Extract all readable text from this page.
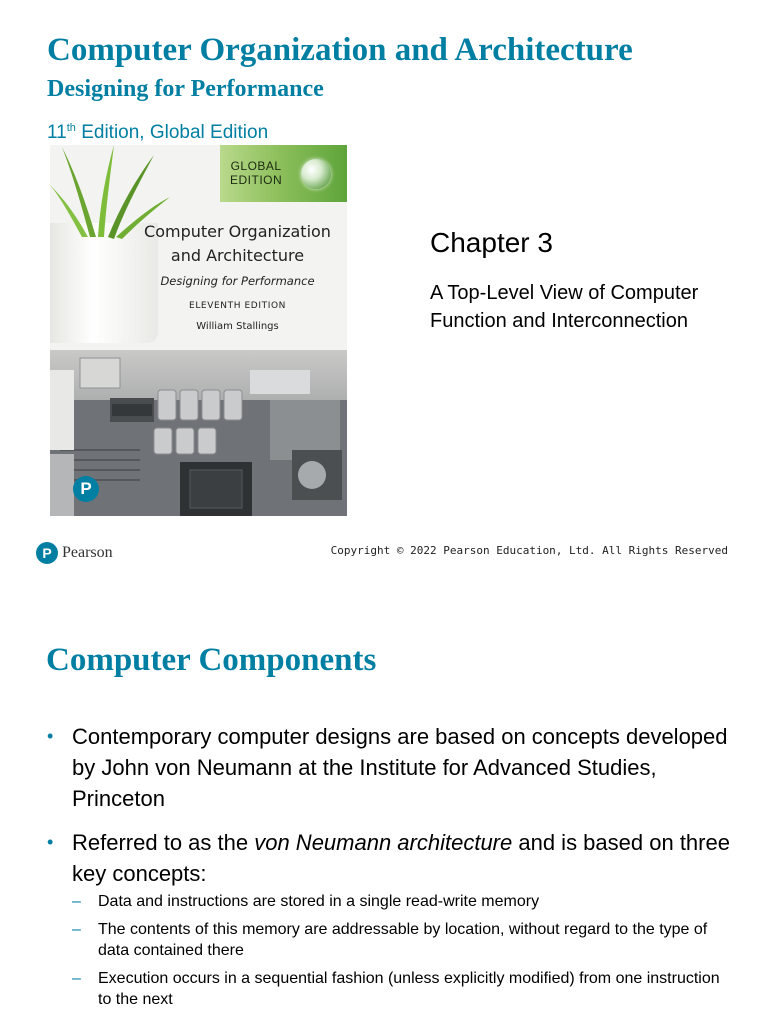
Computer Organization and Architecture
Designing for Performance
11th Edition, Global Edition
GLOBAL
EDITION
Computer Organization
and Architecture
Designing for Performance
ELEVENTH EDITION
William Stallings
P
Chapter 3
A Top-Level View of Computer Function and Interconnection
P Pearson	Copyright © 2022 Pearson Education, Ltd. All Rights Reserved
Computer Components
• Contemporary computer designs are based on concepts developed by John von Neumann at the Institute for Advanced Studies, Princeton
• Referred to as the von Neumann architecture and is based on three key concepts:
– Data and instructions are stored in a single read-write memory
– The contents of this memory are addressable by location, without regard to the type of data contained there
– Execution occurs in a sequential fashion (unless explicitly modified) from one instruction to the next
